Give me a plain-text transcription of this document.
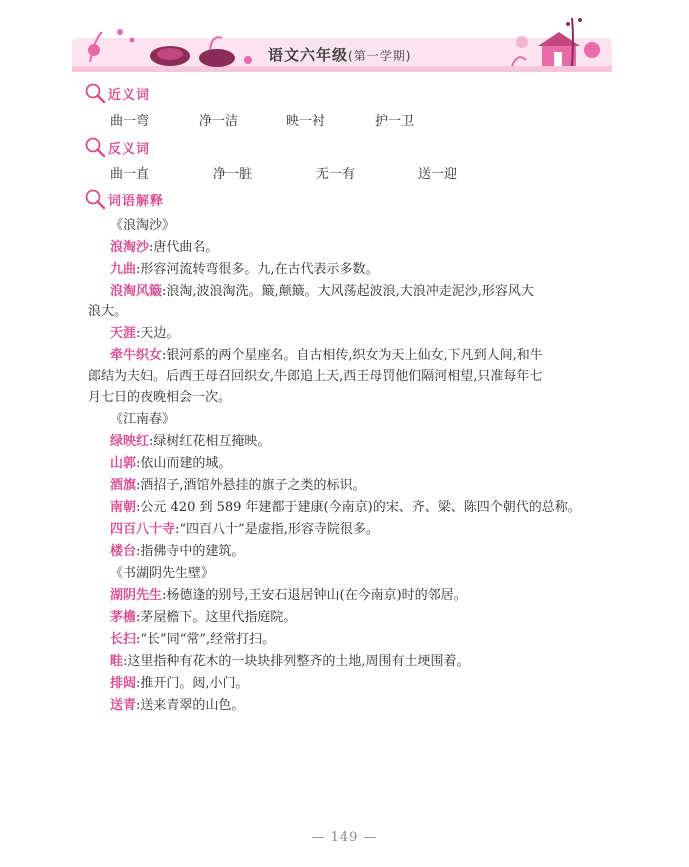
语文六年级(第一学期)
近义词
曲一弯	净一洁	映一衬	护一卫
反义词
曲一直	净一脏	无一有	送一迎
词语解释
《浪淘沙》
浪淘沙:唐代曲名。
九曲:形容河流转弯很多。九,在古代表示多数。
浪淘风簸:浪淘,波浪淘洗。簸,颠簸。大风荡起波浪,大浪冲走泥沙,形容风大
浪大。
天涯:天边。
牵牛织女:银河系的两个星座名。自古相传,织女为天上仙女,下凡到人间,和牛
郎结为夫妇。后西王母召回织女,牛郎追上天,西王母罚他们隔河相望,只准每年七
月七日的夜晚相会一次。
《江南春》
绿映红:绿树红花相互掩映。
山郭:依山而建的城。
酒旗:酒招子,酒馆外悬挂的旗子之类的标识。
南朝:公元 420 到 589 年建都于建康(今南京)的宋、齐、梁、陈四个朝代的总称。
四百八十寺:“四百八十”是虚指,形容寺院很多。
楼台:指佛寺中的建筑。
《书湖阴先生壁》
湖阴先生:杨德逢的别号,王安石退居钟山(在今南京)时的邻居。
茅檐:茅屋檐下。这里代指庭院。
长扫:“长”同“常”,经常打扫。
畦:这里指种有花木的一块块排列整齐的土地,周围有土埂围着。
排闼:推开门。闼,小门。
送青:送来青翠的山色。
— 149 —
